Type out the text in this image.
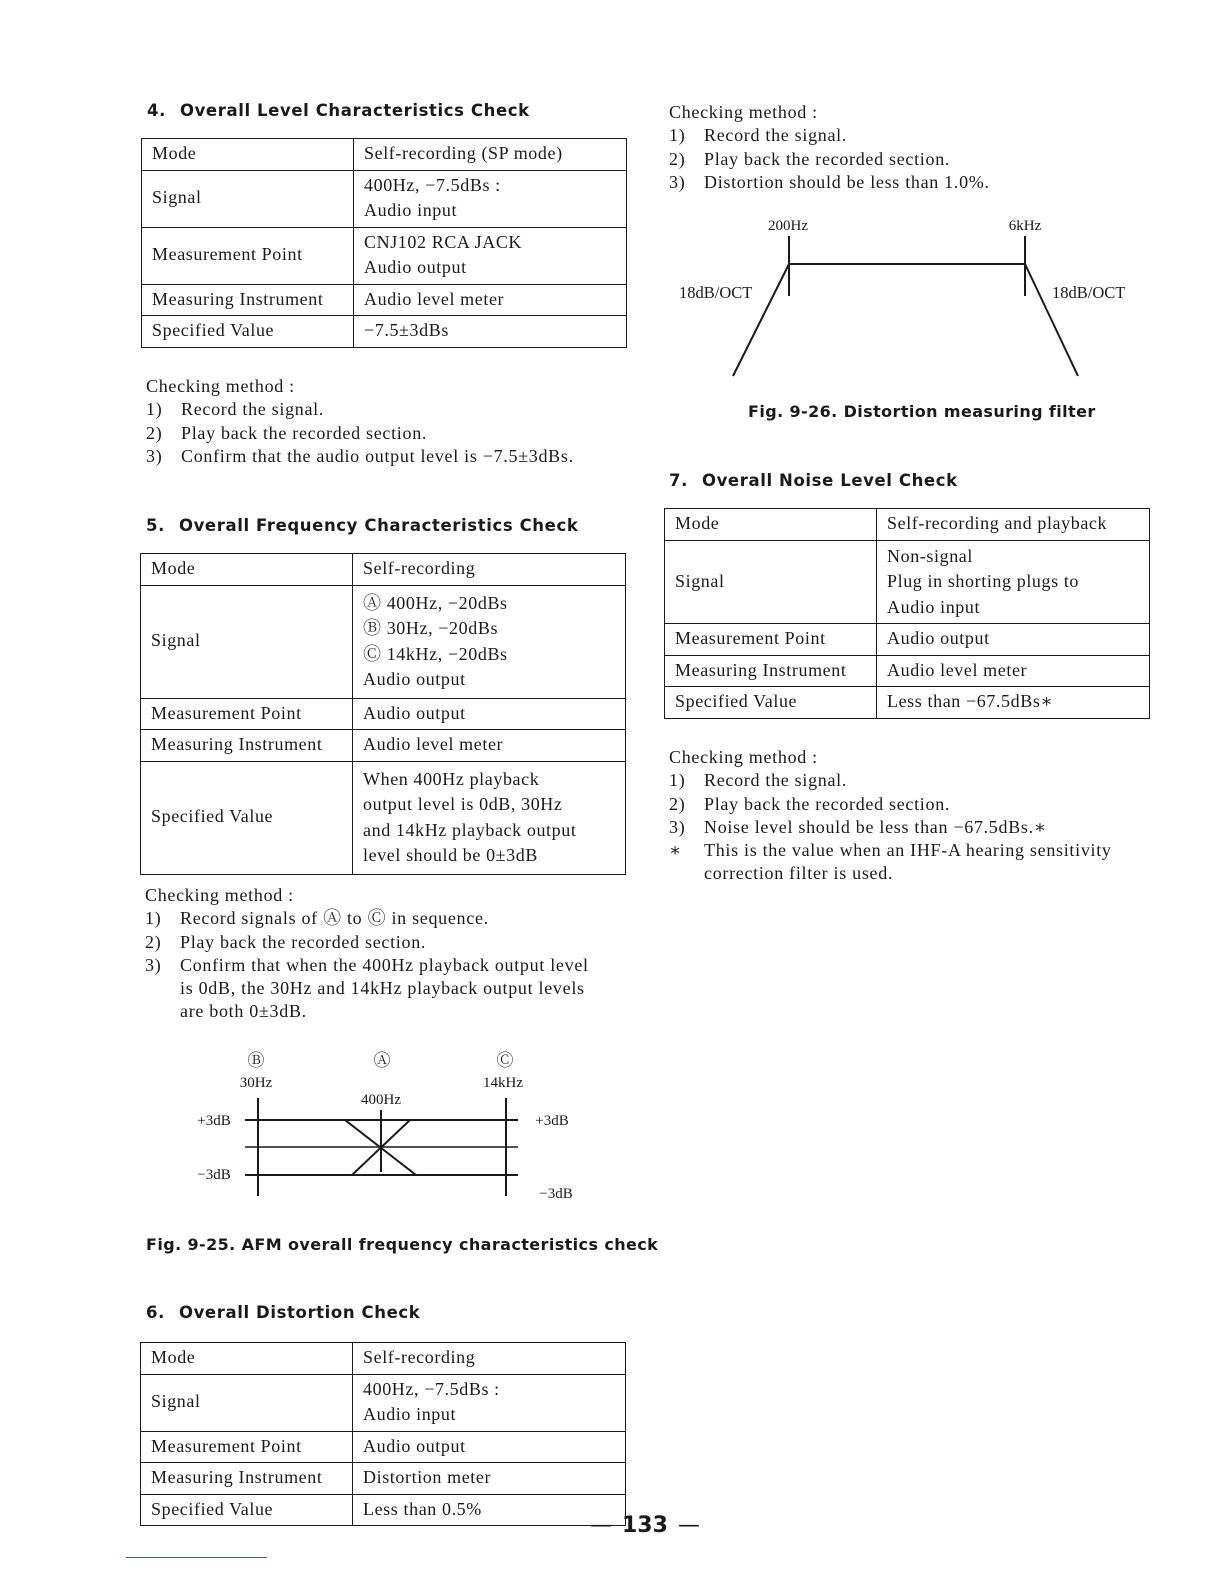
4. Overall Level Characteristics Check
Mode	Self-recording (SP mode)

Signal	400Hz, −7.5dBs :
Audio input

Measurement Point	CNJ102 RCA JACK
Audio output

Measuring Instrument	Audio level meter

Specified Value	−7.5±3dBs
Checking method :
1)	Record the signal.
2)	Play back the recorded section.
3)	Confirm that the audio output level is −7.5±3dBs.
5. Overall Frequency Characteristics Check
Mode	Self-recording

Signal	Ⓐ 400Hz, −20dBs
Ⓑ 30Hz, −20dBs
Ⓒ 14kHz, −20dBs
Audio output

Measurement Point	Audio output

Measuring Instrument	Audio level meter

Specified Value	When 400Hz playback
output level is 0dB, 30Hz
and 14kHz playback output
level should be 0±3dB
Checking method :
1)	Record signals of Ⓐ to Ⓒ in sequence.
2)	Play back the recorded section.
3)	Confirm that when the 400Hz playback output level
is 0dB, the 30Hz and 14kHz playback output levels
are both 0±3dB.
Ⓑ	Ⓐ	Ⓒ
30Hz
400Hz
14kHz
+3dB
−3dB
+3dB
−3dB
Fig. 9-25. AFM overall frequency characteristics check
6. Overall Distortion Check
Mode	Self-recording

Signal	400Hz, −7.5dBs :
Audio input

Measurement Point	Audio output

Measuring Instrument	Distortion meter

Specified Value	Less than 0.5%
Checking method :
1)	Record the signal.
2)	Play back the recorded section.
3)	Distortion should be less than 1.0%.
200Hz	6kHz
18dB/OCT	18dB/OCT
Fig. 9-26. Distortion measuring filter
7. Overall Noise Level Check
Mode	Self-recording and playback

Signal	Non-signal
Plug in shorting plugs to
Audio input

Measurement Point	Audio output

Measuring Instrument	Audio level meter

Specified Value	Less than −67.5dBs∗
Checking method :
1)	Record the signal.
2)	Play back the recorded section.
3)	Noise level should be less than −67.5dBs.∗
∗	This is the value when an IHF-A hearing sensitivity
correction filter is used.
— 133 —
